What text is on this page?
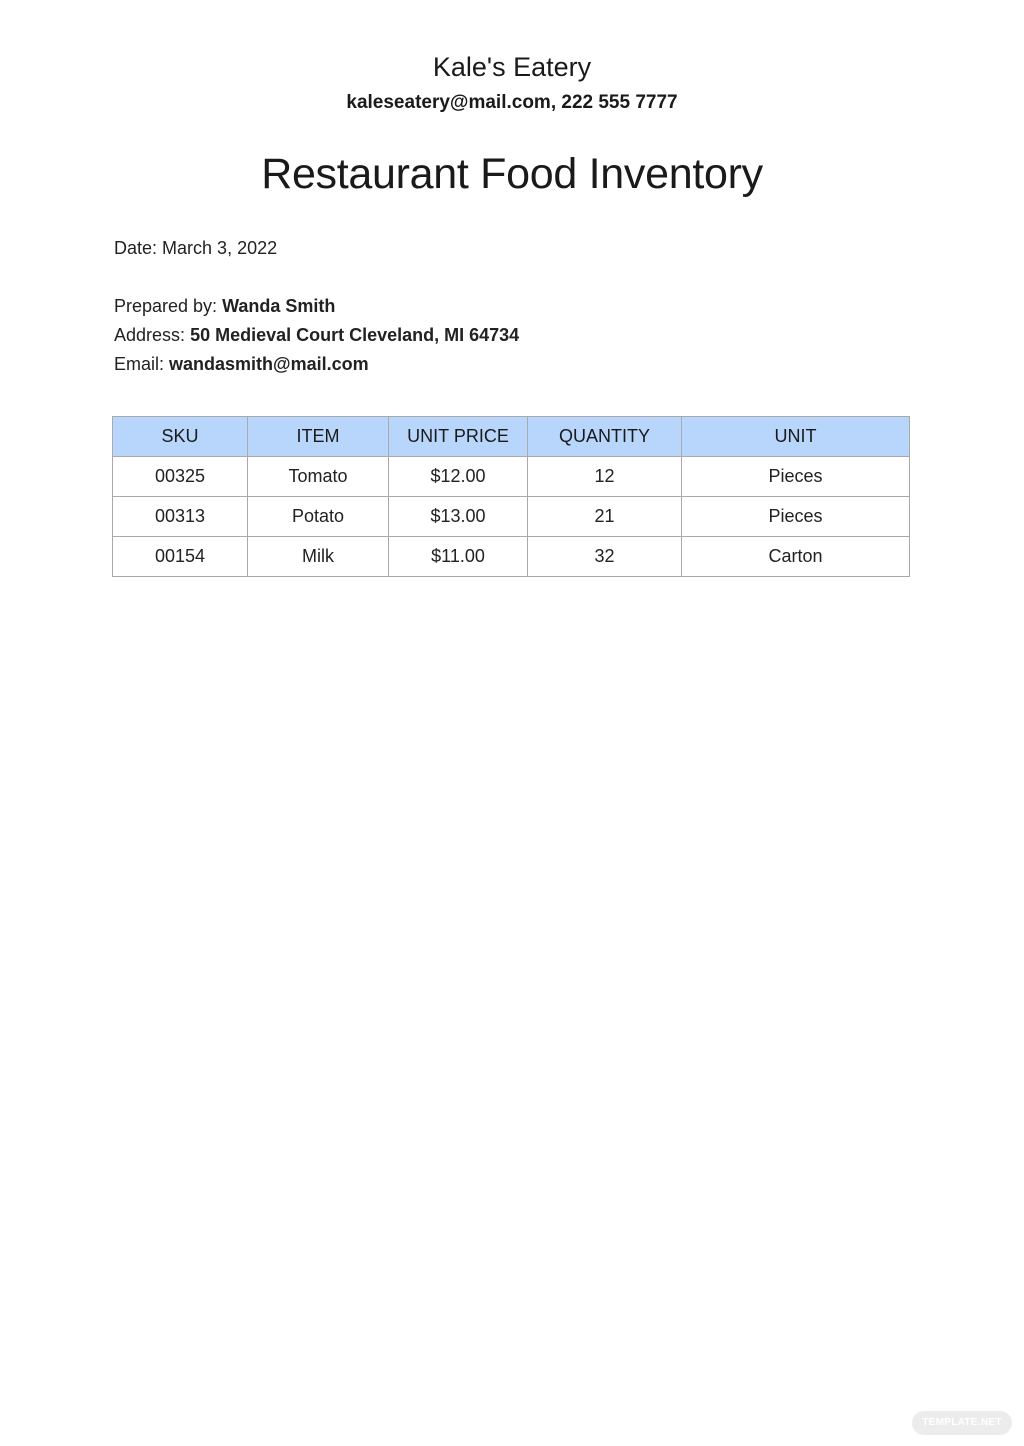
Kale's Eatery
kaleseatery@mail.com, 222 555 7777
Restaurant Food Inventory
Date: March 3, 2022
Prepared by: Wanda Smith
Address: 50 Medieval Court Cleveland, MI 64734
Email: wandasmith@mail.com
SKU	ITEM	UNIT PRICE	QUANTITY	UNIT
00325	Tomato	$12.00	12	Pieces
00313	Potato	$13.00	21	Pieces
00154	Milk	$11.00	32	Carton
TEMPLATE.NET
